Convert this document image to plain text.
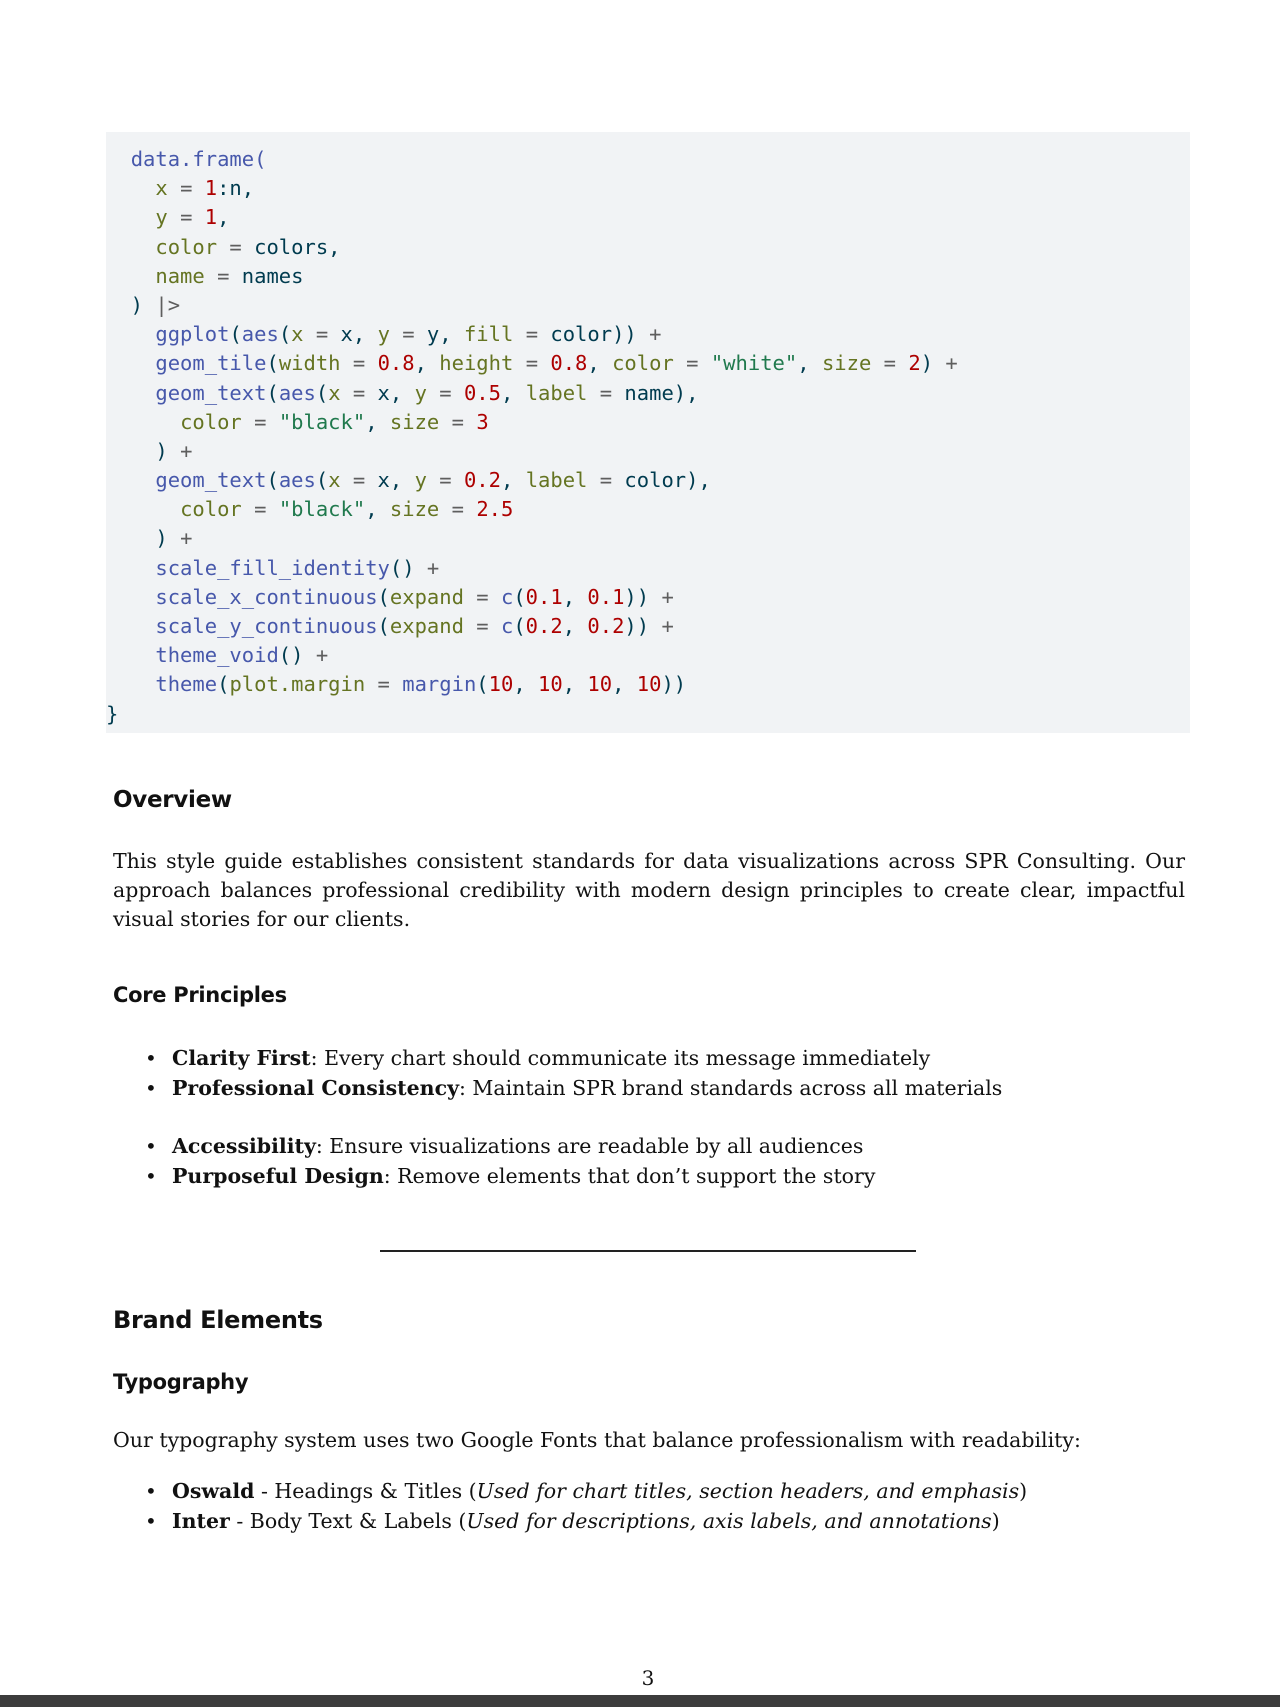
data.frame(
x = 1:n,
y = 1,
color = colors,
name = names
) |>
ggplot(aes(x = x, y = y, fill = color)) +
geom_tile(width = 0.8, height = 0.8, color = "white", size = 2) +
geom_text(aes(x = x, y = 0.5, label = name),
color = "black", size = 3
) +
geom_text(aes(x = x, y = 0.2, label = color),
color = "black", size = 2.5
) +
scale_fill_identity() +
scale_x_continuous(expand = c(0.1, 0.1)) +
scale_y_continuous(expand = c(0.2, 0.2)) +
theme_void() +
theme(plot.margin = margin(10, 10, 10, 10))
}
Overview

This style guide establishes consistent standards for data visualizations across SPR Consulting. Our approach balances professional credibility with modern design principles to create clear, impactful visual stories for our clients.

Core Principles
• Clarity First: Every chart should communicate its message immediately
• Professional Consistency: Maintain SPR brand standards across all materials
• Accessibility: Ensure visualizations are readable by all audiences
• Purposeful Design: Remove elements that don’t support the story
Brand Elements
Typography

Our typography system uses two Google Fonts that balance professionalism with readability:

• Oswald - Headings & Titles (Used for chart titles, section headers, and emphasis)
• Inter - Body Text & Labels (Used for descriptions, axis labels, and annotations)
3
